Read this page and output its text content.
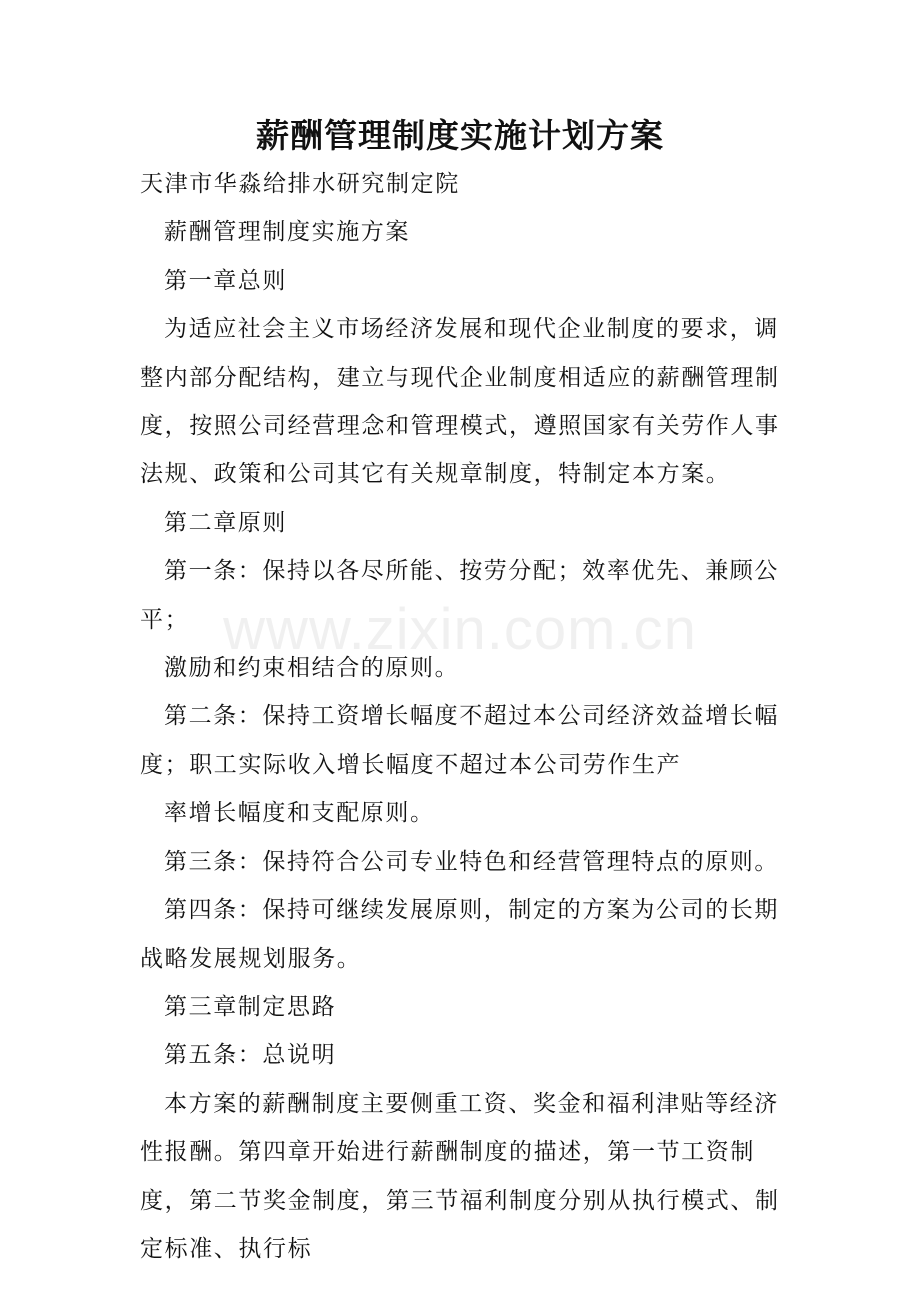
www.zixin.com.cn
薪酬管理制度实施计划方案

天津市华淼给排水研究制定院

薪酬管理制度实施方案

第一章总则

为适应社会主义市场经济发展和现代企业制度的要求，调整内部分配结构，建立与现代企业制度相适应的薪酬管理制度，按照公司经营理念和管理模式，遵照国家有关劳作人事法规、政策和公司其它有关规章制度，特制定本方案。

第二章原则

第一条：保持以各尽所能、按劳分配；效率优先、兼顾公平；

激励和约束相结合的原则。

第二条：保持工资增长幅度不超过本公司经济效益增长幅度；职工实际收入增长幅度不超过本公司劳作生产

率增长幅度和支配原则。

第三条：保持符合公司专业特色和经营管理特点的原则。

第四条：保持可继续发展原则，制定的方案为公司的长期战略发展规划服务。

第三章制定思路

第五条：总说明

本方案的薪酬制度主要侧重工资、奖金和福利津贴等经济性报酬。第四章开始进行薪酬制度的描述，第一节工资制度，第二节奖金制度，第三节福利制度分别从执行模式、制定标准、执行标
